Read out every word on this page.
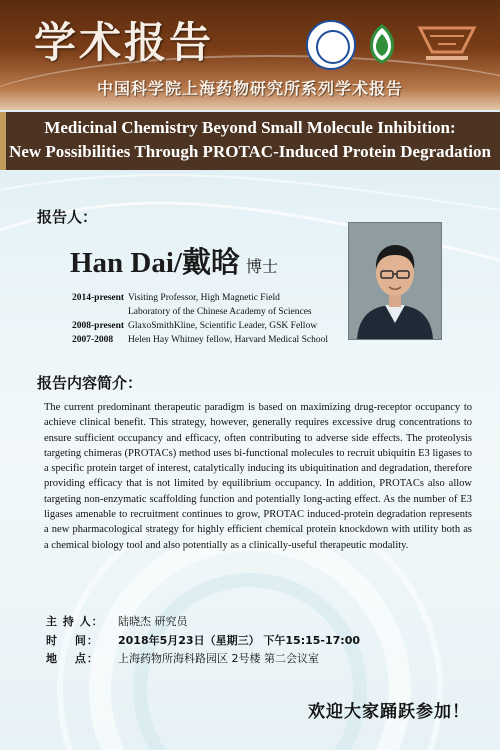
学术报告
中国科学院上海药物研究所系列学术报告
Medicinal Chemistry Beyond Small Molecule Inhibition:
New Possibilities Through PROTAC-Induced Protein Degradation
报告人：
Han Dai/戴晗 博士
2014-present Visiting Professor, High Magnetic Field
Laboratory of the Chinese Academy of Sciences
2008-present GlaxoSmithKline, Scientific Leader, GSK Fellow
2007-2008	Helen Hay Whitney fellow, Harvard Medical School
报告内容简介：
The current predominant therapeutic paradigm is based on maximizing drug-receptor occupancy to achieve clinical benefit. This strategy, however, generally requires excessive drug concentrations to ensure sufficient occupancy and efficacy, often contributing to adverse side effects. The proteolysis targeting chimeras (PROTACs) method uses bi-functional molecules to recruit ubiquitin E3 ligases to a specific protein target of interest, catalytically inducing its ubiquitination and degradation, therefore providing efficacy that is not limited by equilibrium occupancy. In addition, PROTACs also allow targeting non-enzymatic scaffolding function and potentially long-acting effect. As the number of E3 ligases amenable to recruitment continues to grow, PROTAC induced-protein degradation represents a new pharmacological strategy for highly efficient chemical protein knockdown with utility both as a chemical biology tool and also potentially as a clinically-useful therapeutic modality.
主 持 人：	陆晓杰 研究员
时　 间：	2018年5月23日（星期三） 下午15:15-17:00
地　 点：	上海药物所海科路园区 2号楼 第二会议室
欢迎大家踊跃参加！
